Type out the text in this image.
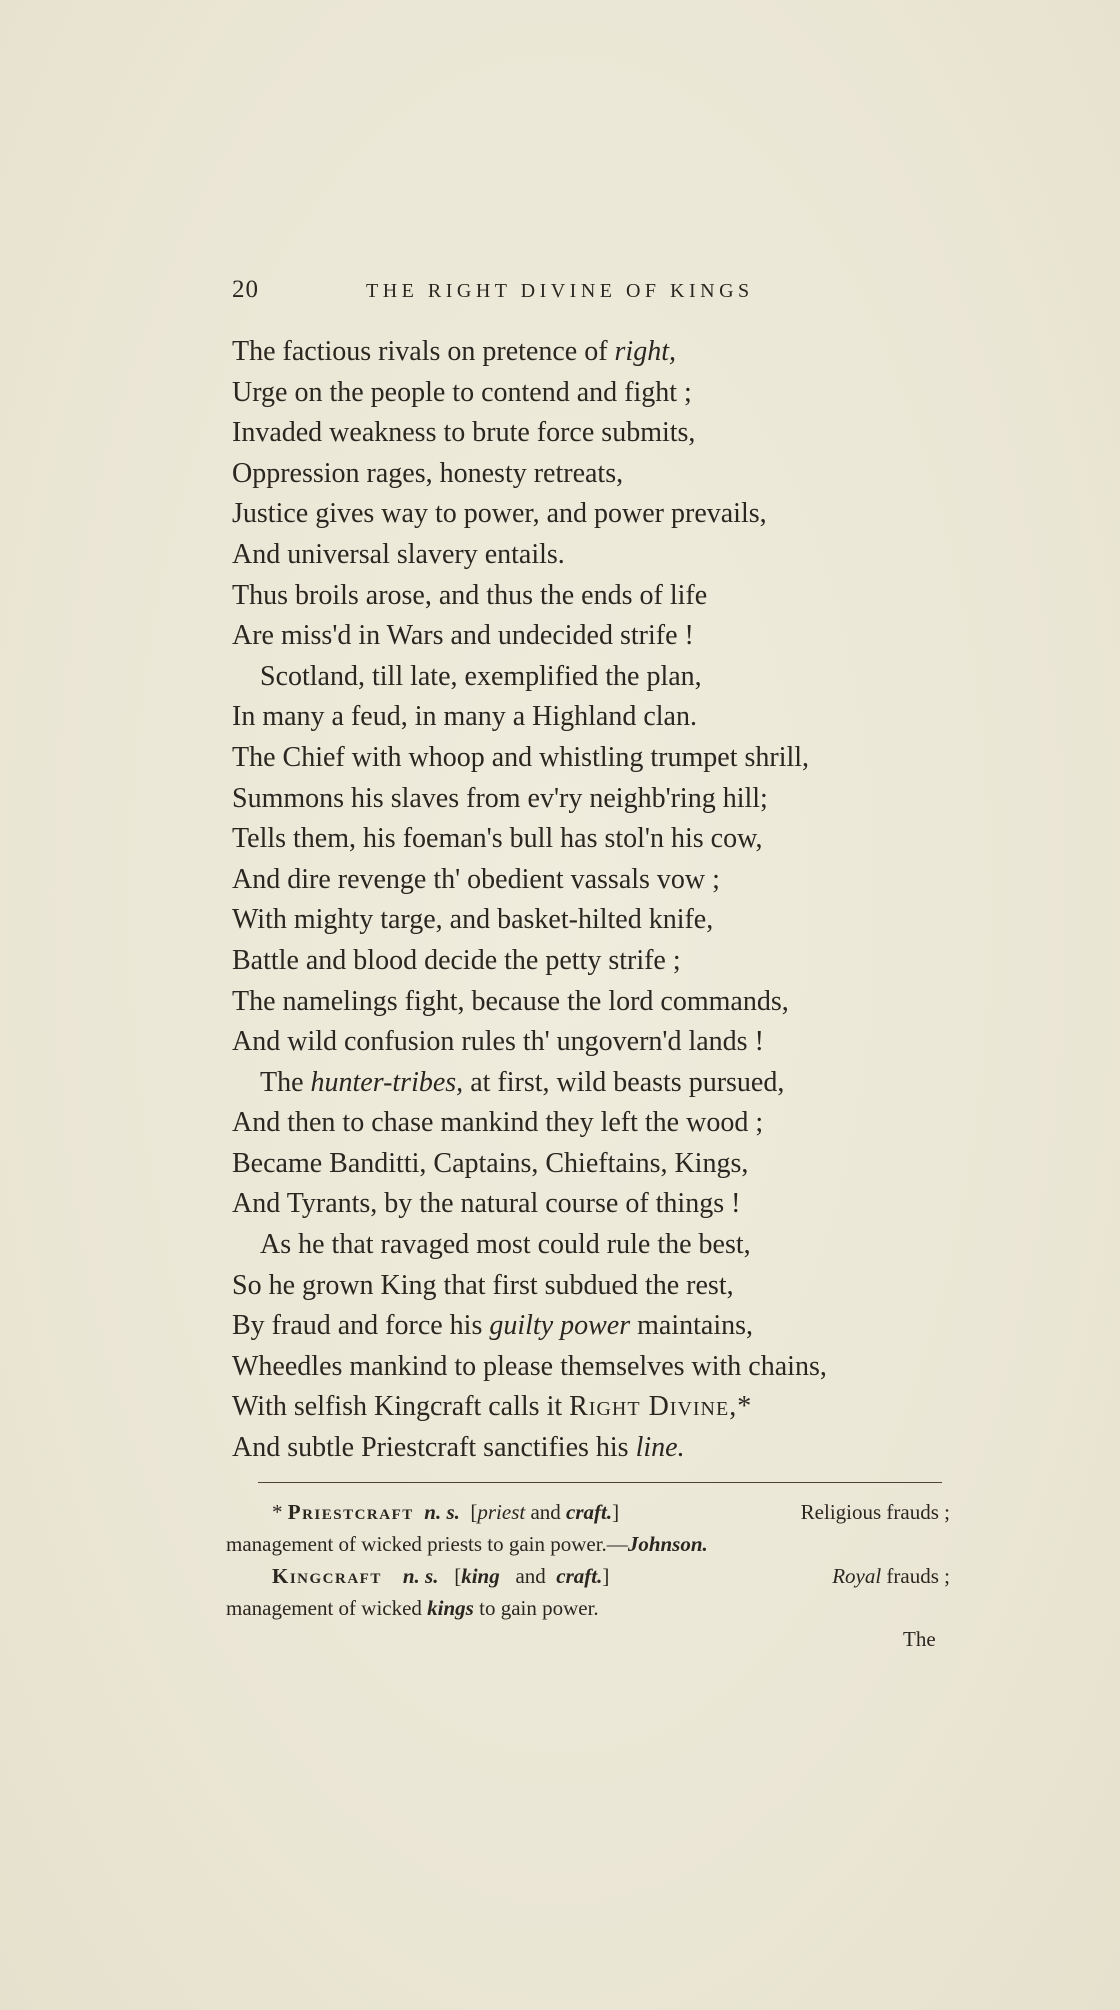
20	THE RIGHT DIVINE OF KINGS
The factious rivals on pretence of right,
Urge on the people to contend and fight ;
Invaded weakness to brute force submits,
Oppression rages, honesty retreats,
Justice gives way to power, and power prevails,
And universal slavery entails.
Thus broils arose, and thus the ends of life
Are miss'd in Wars and undecided strife !
Scotland, till late, exemplified the plan,
In many a feud, in many a Highland clan.
The Chief with whoop and whistling trumpet shrill,
Summons his slaves from ev'ry neighb'ring hill;
Tells them, his foeman's bull has stol'n his cow,
And dire revenge th' obedient vassals vow ;
With mighty targe, and basket-hilted knife,
Battle and blood decide the petty strife ;
The namelings fight, because the lord commands,
And wild confusion rules th' ungovern'd lands !
The hunter-tribes, at first, wild beasts pursued,
And then to chase mankind they left the wood ;
Became Banditti, Captains, Chieftains, Kings,
And Tyrants, by the natural course of things !
As he that ravaged most could rule the best,
So he grown King that first subdued the rest,
By fraud and force his guilty power maintains,
Wheedles mankind to please themselves with chains,
With selfish Kingcraft calls it Right Divine,*
And subtle Priestcraft sanctifies his line.
* Priestcraft n. s. [priest and craft.]	Religious frauds ;
management of wicked priests to gain power.—Johnson.
Kingcraft n. s. [king and craft.]	Royal frauds ;
management of wicked kings to gain power.
The
